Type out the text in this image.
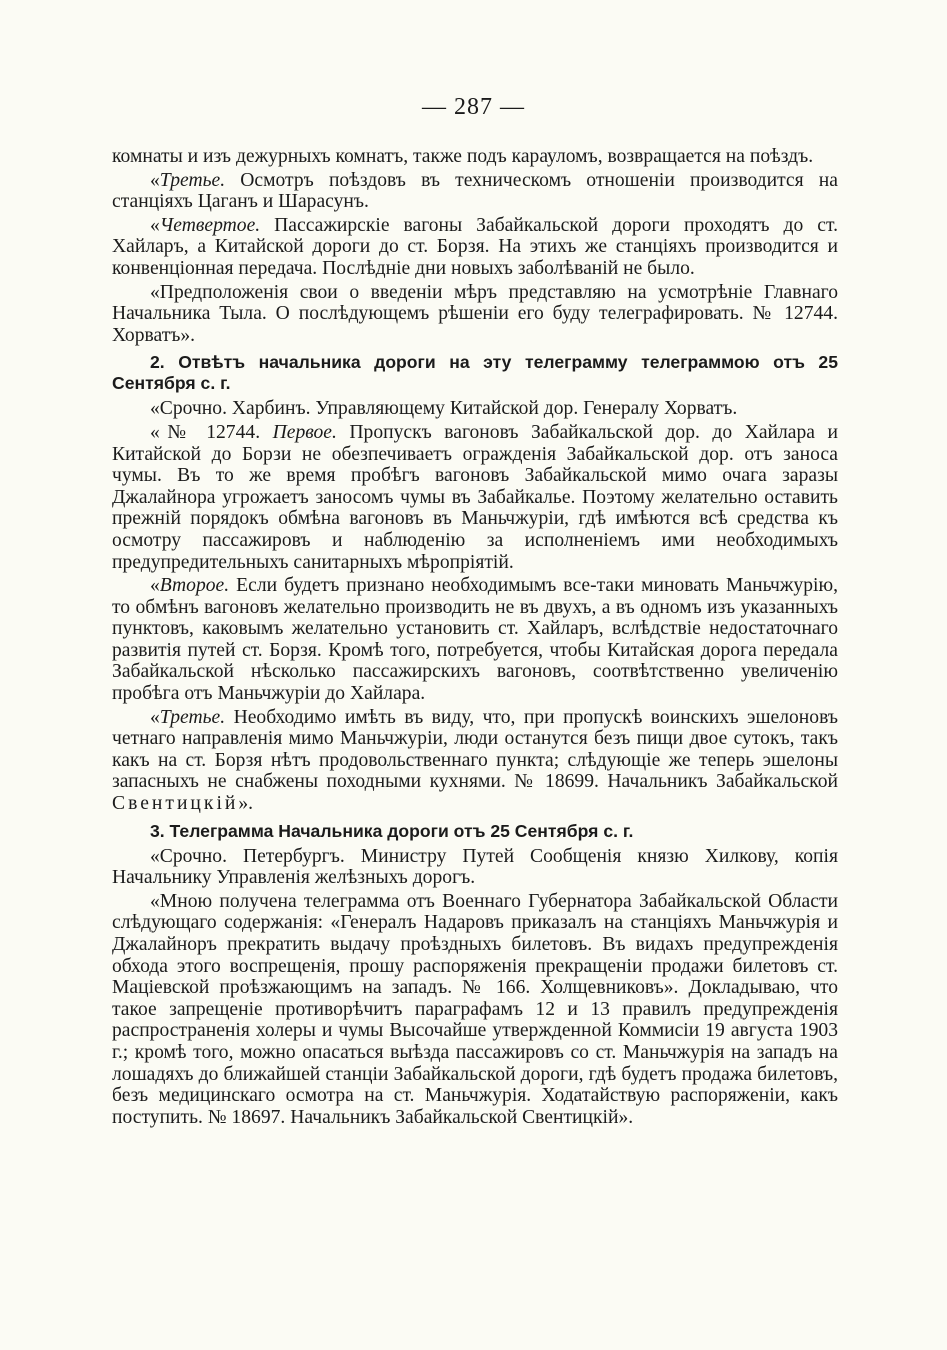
— 287 —

комнаты и изъ дежурныхъ комнатъ, также подъ карауломъ, возвращается на поѣздъ.

«Третье. Осмотръ поѣздовъ въ техническомъ отношеніи производится на станціяхъ Цаганъ и Шарасунъ.

«Четвертое. Пассажирскіе вагоны Забайкальской дороги проходятъ до ст. Хайларъ, а Китайской дороги до ст. Борзя. На этихъ же станціяхъ производится и конвенціонная передача. Послѣдніе дни новыхъ заболѣваній не было.

«Предположенія свои о введеніи мѣръ представляю на усмотрѣніе Главнаго Начальника Тыла. О послѣдующемъ рѣшеніи его буду телеграфировать. № 12744. Хорватъ».

2. Отвѣтъ начальника дороги на эту телеграмму телеграммою отъ 25 Сентября с. г.

«Срочно. Харбинъ. Управляющему Китайской дор. Генералу Хорватъ.

«№ 12744. Первое. Пропускъ вагоновъ Забайкальской дор. до Хайлара и Китайской до Борзи не обезпечиваетъ огражденія Забайкальской дор. отъ заноса чумы. Въ то же время пробѣгъ вагоновъ Забайкальской мимо очага заразы Джалайнора угрожаетъ заносомъ чумы въ Забайкалье. Поэтому желательно оставить прежній порядокъ обмѣна вагоновъ въ Маньчжуріи, гдѣ имѣются всѣ средства къ осмотру пассажировъ и наблюденію за исполненіемъ ими необходимыхъ предупредительныхъ санитарныхъ мѣропріятій.

«Второе. Если будетъ признано необходимымъ все-таки миновать Маньчжурію, то обмѣнъ вагоновъ желательно производить не въ двухъ, а въ одномъ изъ указанныхъ пунктовъ, каковымъ желательно установить ст. Хайларъ, вслѣдствіе недостаточнаго развитія путей ст. Борзя. Кромѣ того, потребуется, чтобы Китайская дорога передала Забайкальской нѣсколько пассажирскихъ вагоновъ, соотвѣтственно увеличенію пробѣга отъ Маньчжуріи до Хайлара.

«Третье. Необходимо имѣть въ виду, что, при пропускѣ воинскихъ эшелоновъ четнаго направленія мимо Маньчжуріи, люди останутся безъ пищи двое сутокъ, такъ какъ на ст. Борзя нѣтъ продовольственнаго пункта; слѣдующіе же теперь эшелоны запасныхъ не снабжены походными кухнями. № 18699. Начальникъ Забайкальской Свентицкій».

3. Телеграмма Начальника дороги отъ 25 Сентября с. г.

«Срочно. Петербургъ. Министру Путей Сообщенія князю Хилкову, копія Начальнику Управленія желѣзныхъ дорогъ.

«Мною получена телеграмма отъ Военнаго Губернатора Забайкальской Области слѣдующаго содержанія: «Генералъ Надаровъ приказалъ на станціяхъ Маньчжурія и Джалайноръ прекратить выдачу проѣздныхъ билетовъ. Въ видахъ предупрежденія обхода этого воспрещенія, прошу распоряженія прекращеніи продажи билетовъ ст. Маціевской проѣзжающимъ на западъ. № 166. Холщевниковъ». Докладываю, что такое запрещеніе противорѣчитъ параграфамъ 12 и 13 правилъ предупрежденія распространенія холеры и чумы Высочайше утвержденной Коммисіи 19 августа 1903 г.; кромѣ того, можно опасаться выѣзда пассажировъ со ст. Маньчжурія на западъ на лошадяхъ до ближайшей станціи Забайкальской дороги, гдѣ будетъ продажа билетовъ, безъ медицинскаго осмотра на ст. Маньчжурія. Ходатайствую распоряженіи, какъ поступить. № 18697. Начальникъ Забайкальской Свентицкій».
